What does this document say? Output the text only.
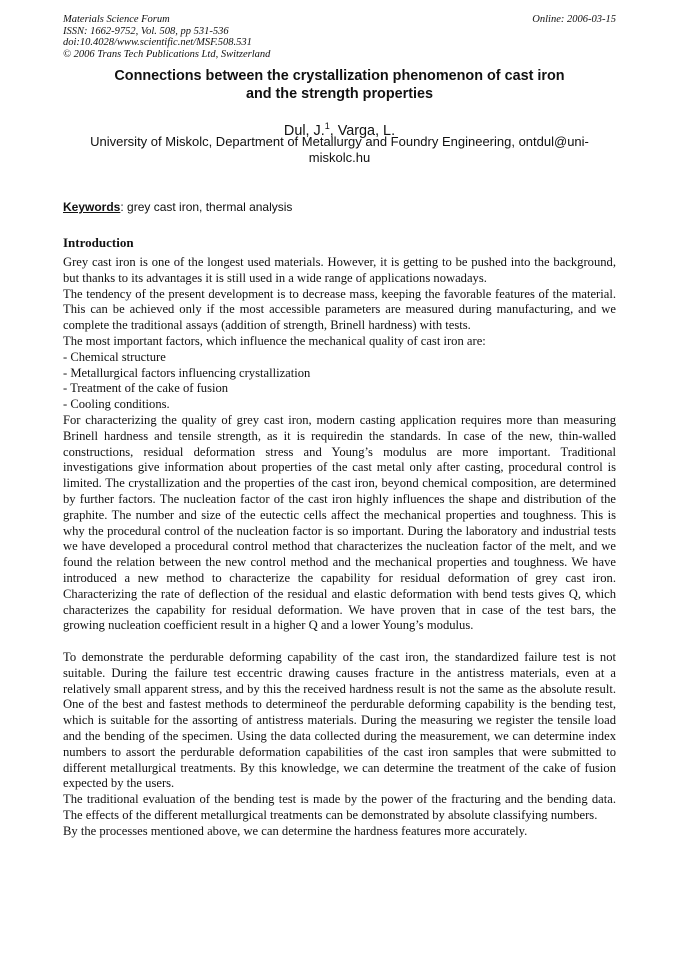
Materials Science Forum
ISSN: 1662-9752, Vol. 508, pp 531-536
doi:10.4028/www.scientific.net/MSF.508.531
© 2006 Trans Tech Publications Ltd, Switzerland
Online: 2006-03-15
Connections between the crystallization phenomenon of cast iron
and the strength properties
Dul, J.$^1$, Varga, L.
University of Miskolc, Department of Metallurgy and Foundry Engineering, ontdul@uni-miskolc.hu
Keywords: grey cast iron, thermal analysis
Introduction

Grey cast iron is one of the longest used materials. However, it is getting to be pushed into the background, but thanks to its advantages it is still used in a wide range of applications nowadays.

The tendency of the present development is to decrease mass, keeping the favorable features of the material. This can be achieved only if the most accessible parameters are measured during manufacturing, and we complete the traditional assays (addition of strength, Brinell hardness) with tests.

The most important factors, which influence the mechanical quality of cast iron are:

- Chemical structure

- Metallurgical factors influencing crystallization

- Treatment of the cake of fusion

- Cooling conditions.

For characterizing the quality of grey cast iron, modern casting application requires more than measuring Brinell hardness and tensile strength, as it is requiredin the standards. In case of the new, thin-walled constructions, residual deformation stress and Young’s modulus are more important. Traditional investigations give information about properties of the cast metal only after casting, procedural control is limited. The crystallization and the properties of the cast iron, beyond chemical composition, are determined by further factors. The nucleation factor of the cast iron highly influences the shape and distribution of the graphite. The number and size of the eutectic cells affect the mechanical properties and toughness. This is why the procedural control of the nucleation factor is so important. During the laboratory and industrial tests we have developed a procedural control method that characterizes the nucleation factor of the melt, and we found the relation between the new control method and the mechanical properties and toughness. We have introduced a new method to characterize the capability for residual deformation of grey cast iron. Characterizing the rate of deflection of the residual and elastic deformation with bend tests gives Q, which characterizes the capability for residual deformation. We have proven that in case of the test bars, the growing nucleation coefficient result in a higher Q and a lower Young’s modulus.

To demonstrate the perdurable deforming capability of the cast iron, the standardized failure test is not suitable. During the failure test eccentric drawing causes fracture in the antistress materials, even at a relatively small apparent stress, and by this the received hardness result is not the same as the absolute result. One of the best and fastest methods to determineof the perdurable deforming capability is the bending test, which is suitable for the assorting of antistress materials. During the measuring we register the tensile load and the bending of the specimen. Using the data collected during the measurement, we can determine index numbers to assort the perdurable deformation capabilities of the cast iron samples that were submitted to different metallurgical treatments. By this knowledge, we can determine the treatment of the cake of fusion expected by the users.

The traditional evaluation of the bending test is made by the power of the fracturing and the bending data. The effects of the different metallurgical treatments can be demonstrated by absolute classifying numbers.

By the processes mentioned above, we can determine the hardness features more accurately.
